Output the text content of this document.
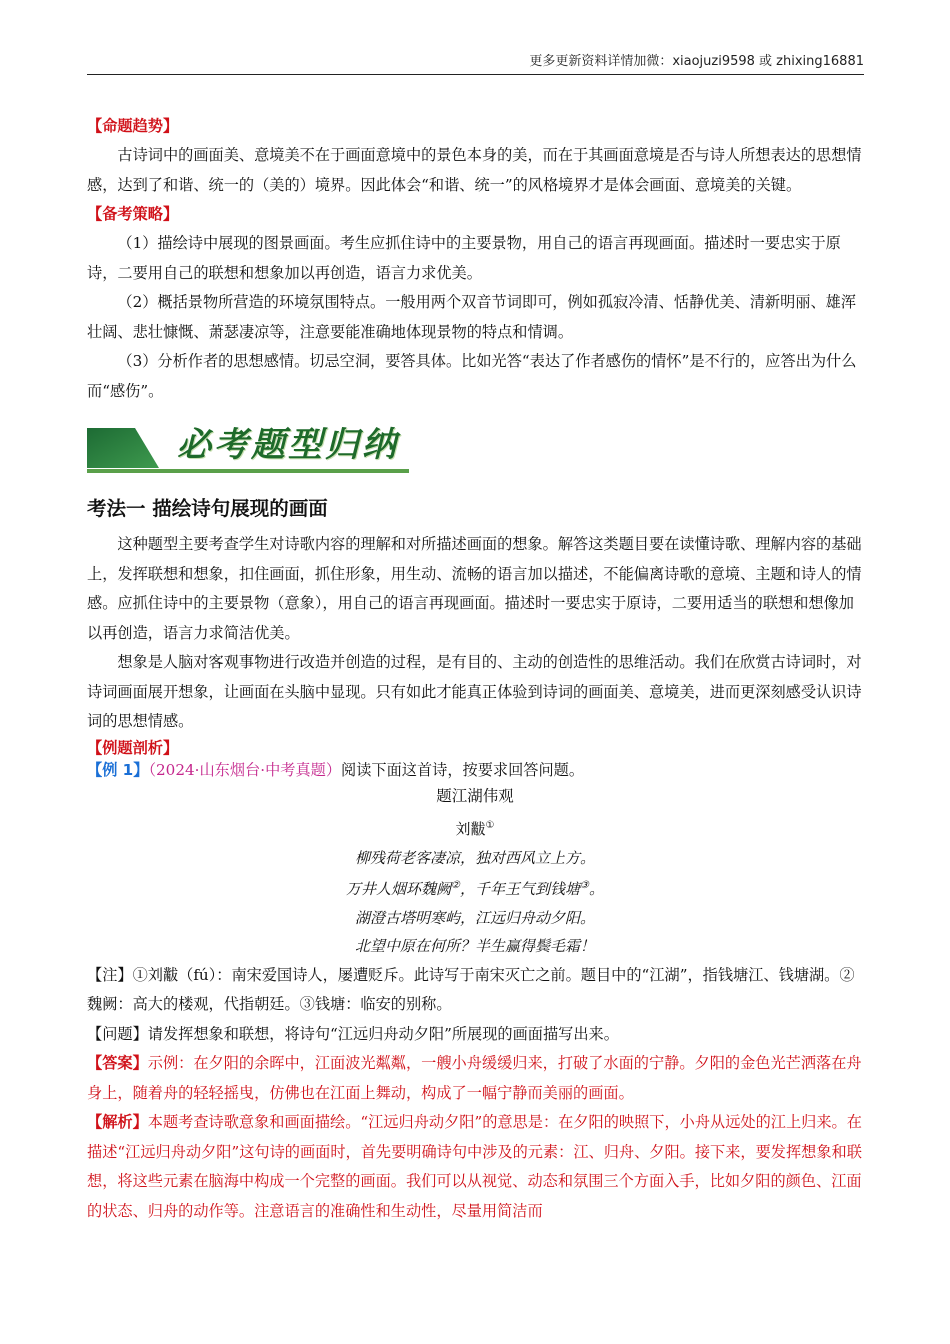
更多更新资料详情加微：xiaojuzi9598 或 zhixing16881
【命题趋势】

古诗词中的画面美、意境美不在于画面意境中的景色本身的美，而在于其画面意境是否与诗人所想表达的思想情感，达到了和谐、统一的（美的）境界。因此体会“和谐、统一”的风格境界才是体会画面、意境美的关键。

【备考策略】

（1）描绘诗中展现的图景画面。考生应抓住诗中的主要景物，用自己的语言再现画面。描述时一要忠实于原诗，二要用自己的联想和想象加以再创造，语言力求优美。

（2）概括景物所营造的环境氛围特点。一般用两个双音节词即可，例如孤寂冷清、恬静优美、清新明丽、雄浑壮阔、悲壮慷慨、萧瑟凄凉等，注意要能准确地体现景物的特点和情调。

（3）分析作者的思想感情。切忌空洞，要答具体。比如光答“表达了作者感伤的情怀”是不行的，应答出为什么而“感伤”。

必考题型归纳
考法一 描绘诗句展现的画面

这种题型主要考查学生对诗歌内容的理解和对所描述画面的想象。解答这类题目要在读懂诗歌、理解内容的基础上，发挥联想和想象，扣住画面，抓住形象，用生动、流畅的语言加以描述，不能偏离诗歌的意境、主题和诗人的情感。应抓住诗中的主要景物（意象），用自己的语言再现画面。描述时一要忠实于原诗，二要用适当的联想和想像加以再创造，语言力求简洁优美。

想象是人脑对客观事物进行改造并创造的过程，是有目的、主动的创造性的思维活动。我们在欣赏古诗词时，对诗词画面展开想象，让画面在头脑中显现。只有如此才能真正体验到诗词的画面美、意境美，进而更深刻感受认识诗词的思想情感。

【例题剖析】
【例 1】（2024·山东烟台·中考真题）阅读下面这首诗，按要求回答问题。
题江湖伟观
刘黻①
柳残荷老客凄凉，独对西风立上方。
万井人烟环魏阙②，千年王气到钱塘③。
湖澄古塔明寒屿，江远归舟动夕阳。
北望中原在何所？半生赢得鬓毛霜！

【注】①刘黻（fú）：南宋爱国诗人，屡遭贬斥。此诗写于南宋灭亡之前。题目中的“江湖”，指钱塘江、钱塘湖。②魏阙：高大的楼观，代指朝廷。③钱塘：临安的别称。

【问题】请发挥想象和联想，将诗句“江远归舟动夕阳”所展现的画面描写出来。

【答案】示例：在夕阳的余晖中，江面波光粼粼，一艘小舟缓缓归来，打破了水面的宁静。夕阳的金色光芒洒落在舟身上，随着舟的轻轻摇曳，仿佛也在江面上舞动，构成了一幅宁静而美丽的画面。

【解析】本题考查诗歌意象和画面描绘。“江远归舟动夕阳”的意思是：在夕阳的映照下，小舟从远处的江上归来。在描述“江远归舟动夕阳”这句诗的画面时，首先要明确诗句中涉及的元素：江、归舟、夕阳。接下来，要发挥想象和联想，将这些元素在脑海中构成一个完整的画面。我们可以从视觉、动态和氛围三个方面入手，比如夕阳的颜色、江面的状态、归舟的动作等。注意语言的准确性和生动性，尽量用简洁而
